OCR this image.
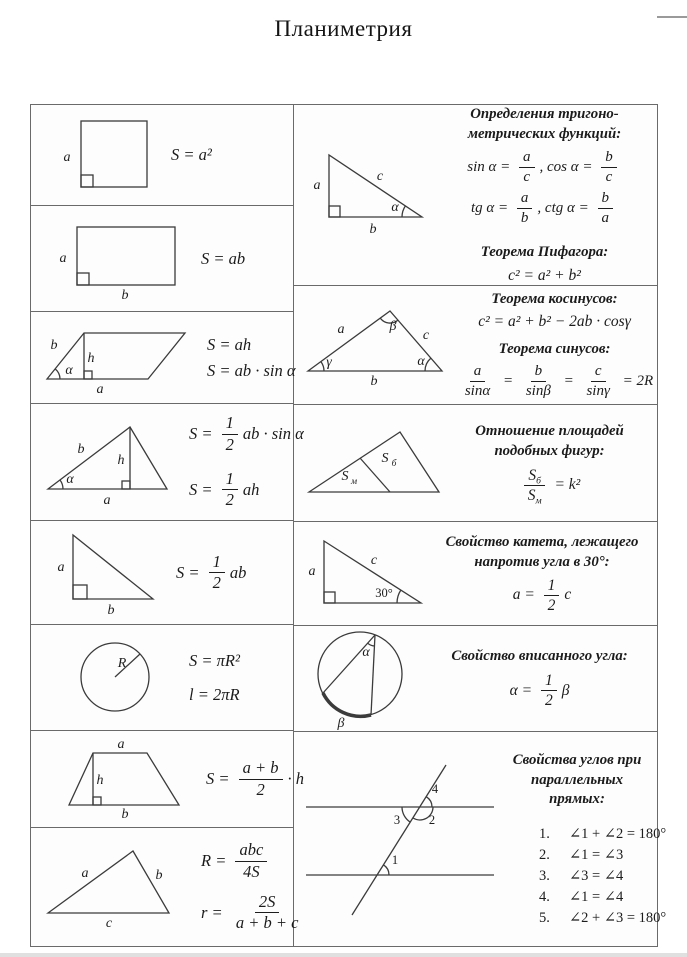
Планиметрия
a	S = a²
a
b
S = ab
b
α
h
a
S = ah
S = ab · sin α
b
h
α
a
$S = \frac{1}{2}$ ab · sin α
$S = \frac{1}{2}$ ah
a
b
$S = \frac{1}{2}$ ab
R	S = πR²
l = 2πR
a
h
b
$S = \frac{a + b}{2} \cdot h$
a	b
c
$R = \frac{\text{abc}}{4S}$
$r = \frac{2S}{a + b + c}$
a
c
α
b
Определения тригоно-
метрических функций:
$\sin \alpha = \frac{a}{c}$ , $\cos \alpha = \frac{b}{c}$
tg $\alpha = \frac{a}{b}$ , ctg $\alpha = \frac{b}{a}$
Теорема Пифагора:
c² = a² + b²
a	β
c
γ	α
b
Теорема косинусов:
c² = a² + b² − 2ab · cosγ
Теорема синусов:
$\frac{a}{\sin\alpha} = \frac{b}{\sin\beta} = \frac{c}{\sin\gamma} = 2R$
S м
S б
Отношение площадей
подобных фигур:
$\frac{S_б}{S_м} = k^2$
a
c
30°
Свойство катета, лежащего
напротив угла в 30°:
$a = \frac{1}{2}$ c
α
β
Свойство вписанного угла:
$\alpha = \frac{1}{2}$ β
4
3 2
1
Свойства углов при
параллельных прямых:
1.	∠1 + ∠2 = 180°
2.	∠1 = ∠3
3.	∠3 = ∠4
4.	∠1 = ∠4
5.	∠2 + ∠3 = 180°
